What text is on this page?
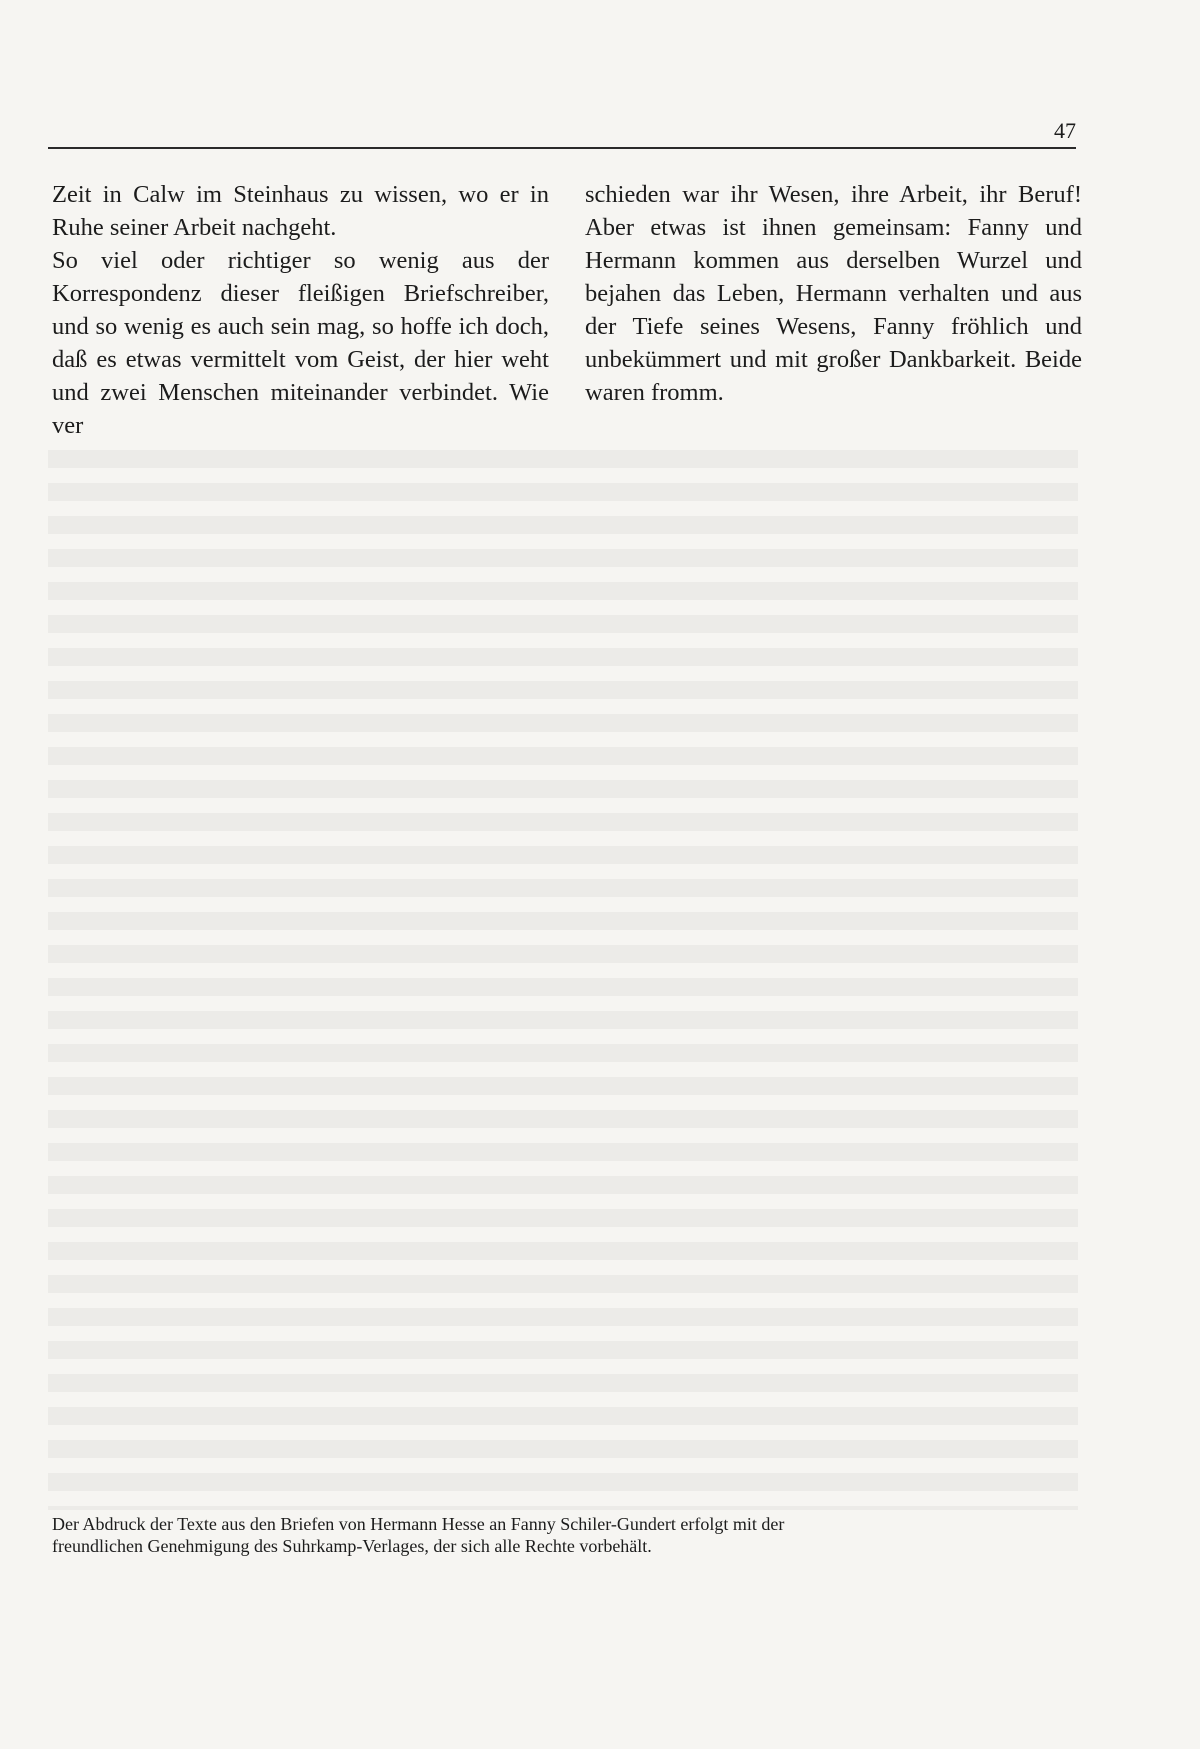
47

Zeit in Calw im Steinhaus zu wissen, wo er in Ruhe seiner Arbeit nachgeht.

So viel oder richtiger so wenig aus der Korrespondenz dieser fleißigen Briefschreiber, und so wenig es auch sein mag, so hoffe ich doch, daß es etwas vermittelt vom Geist, der hier weht und zwei Menschen miteinander verbindet. Wie ver

schieden war ihr Wesen, ihre Arbeit, ihr Beruf! Aber etwas ist ihnen gemeinsam: Fanny und Hermann kommen aus derselben Wurzel und bejahen das Leben, Hermann verhalten und aus der Tiefe seines Wesens, Fanny fröhlich und unbekümmert und mit großer Dankbarkeit. Beide waren fromm.

Der Abdruck der Texte aus den Briefen von Hermann Hesse an Fanny Schiler-Gundert erfolgt mit der
freundlichen Genehmigung des Suhrkamp-Verlages, der sich alle Rechte vorbehält.
